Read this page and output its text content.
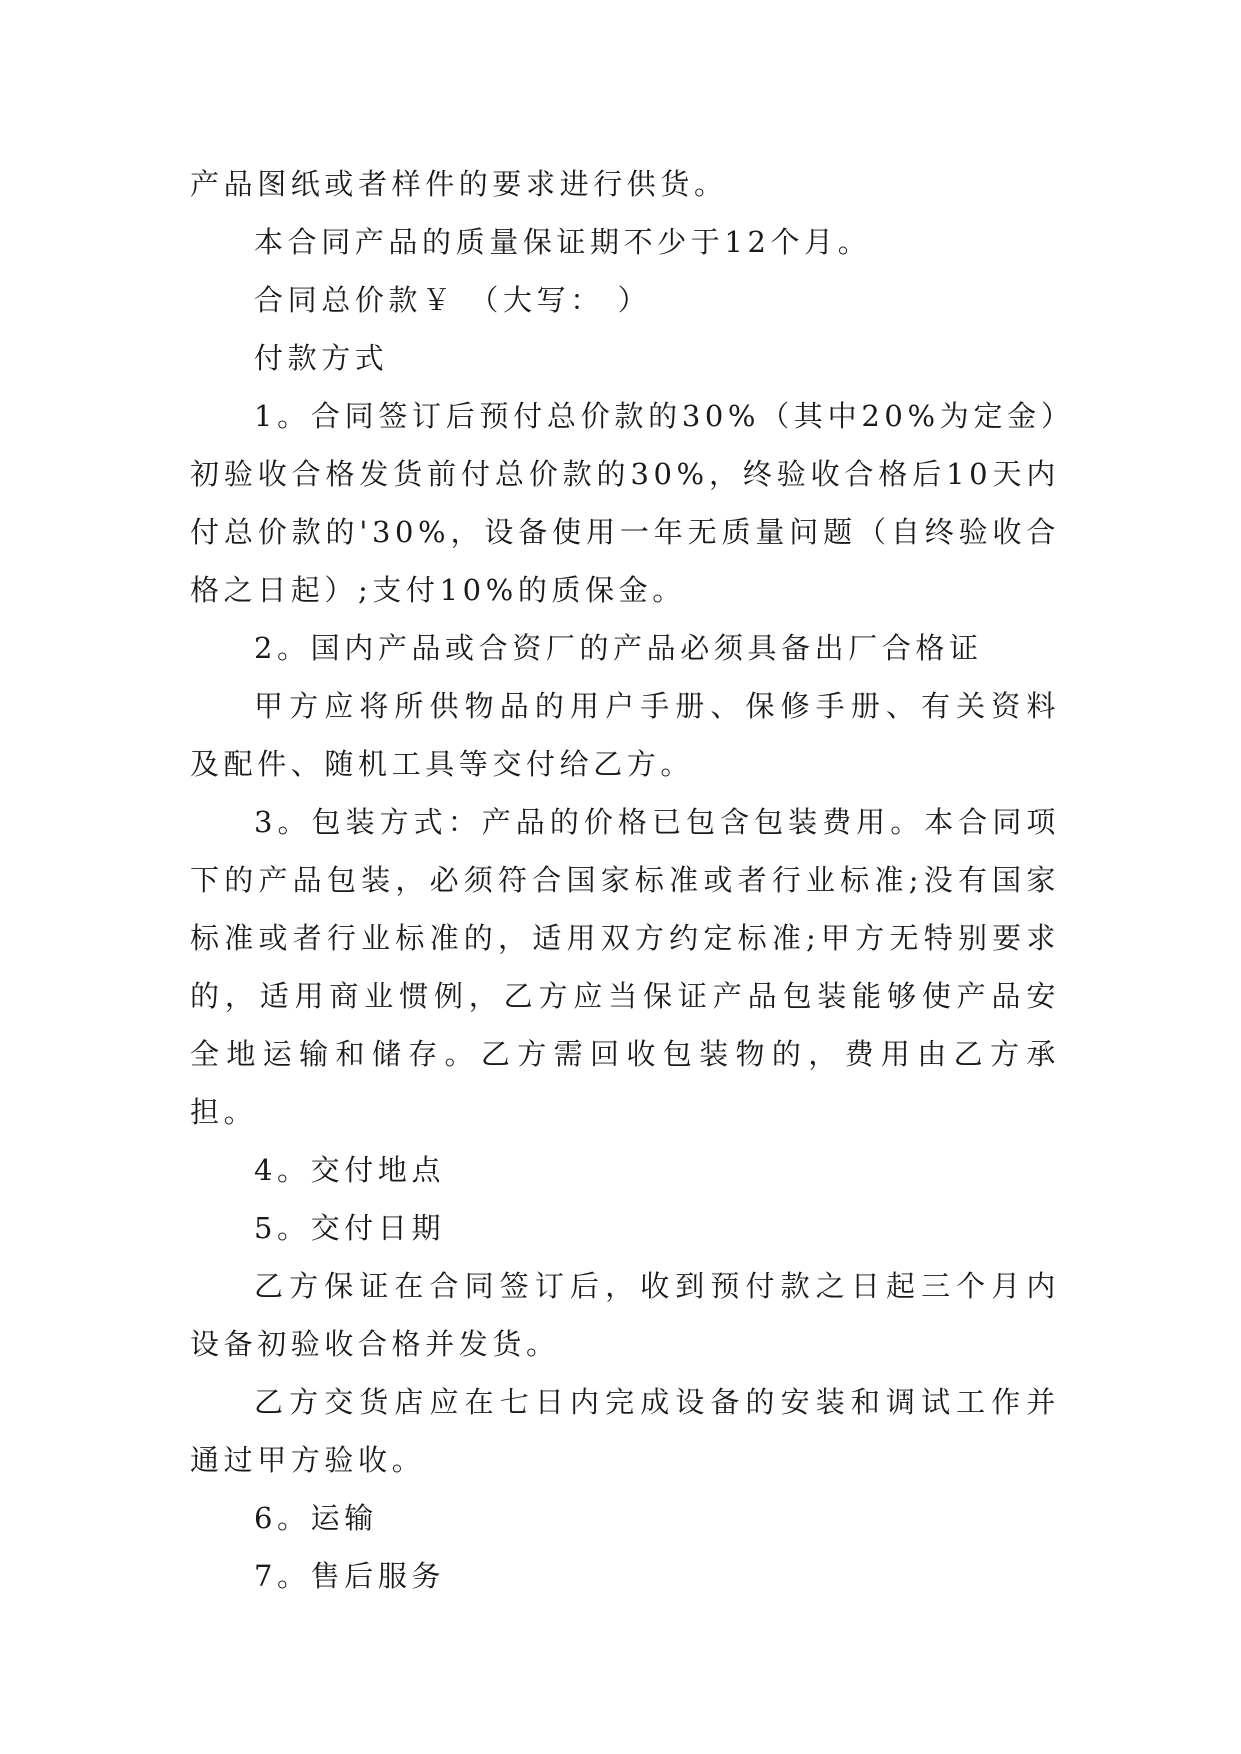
产品图纸或者样件的要求进行供货。

本合同产品的质量保证期不少于12个月。

合同总价款￥ （大写： ）

付款方式

1。合同签订后预付总价款的30%（其中20%为定金）初验收合格发货前付总价款的30%，终验收合格后10天内付总价款的'30%，设备使用一年无质量问题（自终验收合格之日起）;支付10%的质保金。

2。国内产品或合资厂的产品必须具备出厂合格证

甲方应将所供物品的用户手册、保修手册、有关资料及配件、随机工具等交付给乙方。

3。包装方式：产品的价格已包含包装费用。本合同项下的产品包装，必须符合国家标准或者行业标准;没有国家标准或者行业标准的，适用双方约定标准;甲方无特别要求的，适用商业惯例，乙方应当保证产品包装能够使产品安全地运输和储存。乙方需回收包装物的，费用由乙方承担。

4。交付地点

5。交付日期

乙方保证在合同签订后，收到预付款之日起三个月内设备初验收合格并发货。

乙方交货店应在七日内完成设备的安装和调试工作并通过甲方验收。

6。运输

7。售后服务
